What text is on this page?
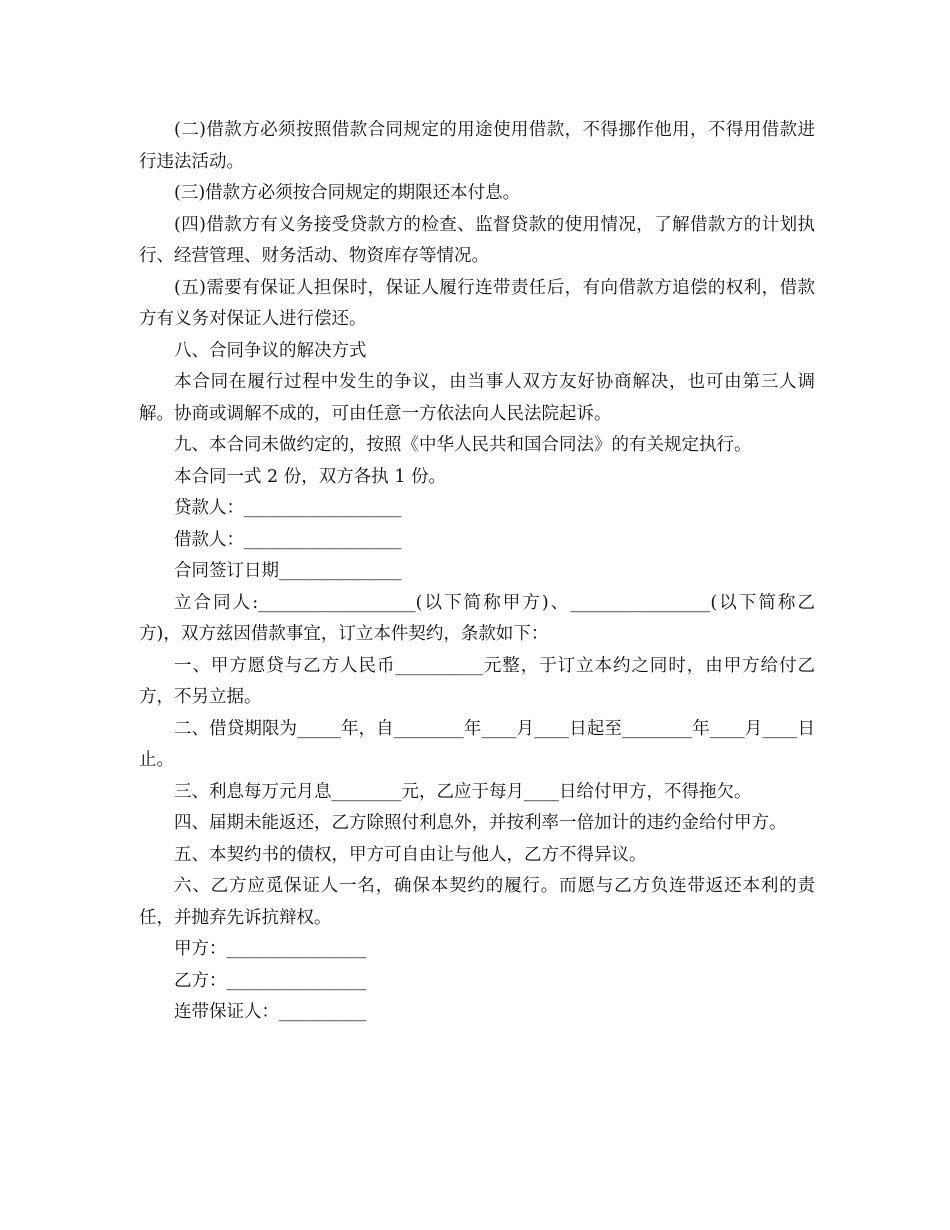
(二)借款方必须按照借款合同规定的用途使用借款，不得挪作他用，不得用借款进行违法活动。

(三)借款方必须按合同规定的期限还本付息。

(四)借款方有义务接受贷款方的检查、监督贷款的使用情况，了解借款方的计划执行、经营管理、财务活动、物资库存等情况。

(五)需要有保证人担保时，保证人履行连带责任后，有向借款方追偿的权利，借款方有义务对保证人进行偿还。

八、合同争议的解决方式

本合同在履行过程中发生的争议，由当事人双方友好协商解决，也可由第三人调解。协商或调解不成的，可由任意一方依法向人民法院起诉。

九、本合同未做约定的，按照《中华人民共和国合同法》的有关规定执行。

本合同一式 2 份，双方各执 1 份。

贷款人：__________________

借款人：__________________

合同签订日期______________

立合同人:__________________(以下简称甲方)、________________(以下简称乙方)，双方兹因借款事宜，订立本件契约，条款如下：

一、甲方愿贷与乙方人民币__________元整，于订立本约之同时，由甲方给付乙方，不另立据。

二、借贷期限为_____年，自________年____月____日起至________年____月____日止。

三、利息每万元月息________元，乙应于每月____日给付甲方，不得拖欠。

四、届期未能返还，乙方除照付利息外，并按利率一倍加计的违约金给付甲方。

五、本契约书的债权，甲方可自由让与他人，乙方不得异议。

六、乙方应觅保证人一名，确保本契约的履行。而愿与乙方负连带返还本利的责任，并抛弃先诉抗辩权。

甲方：________________

乙方：________________

连带保证人：__________
